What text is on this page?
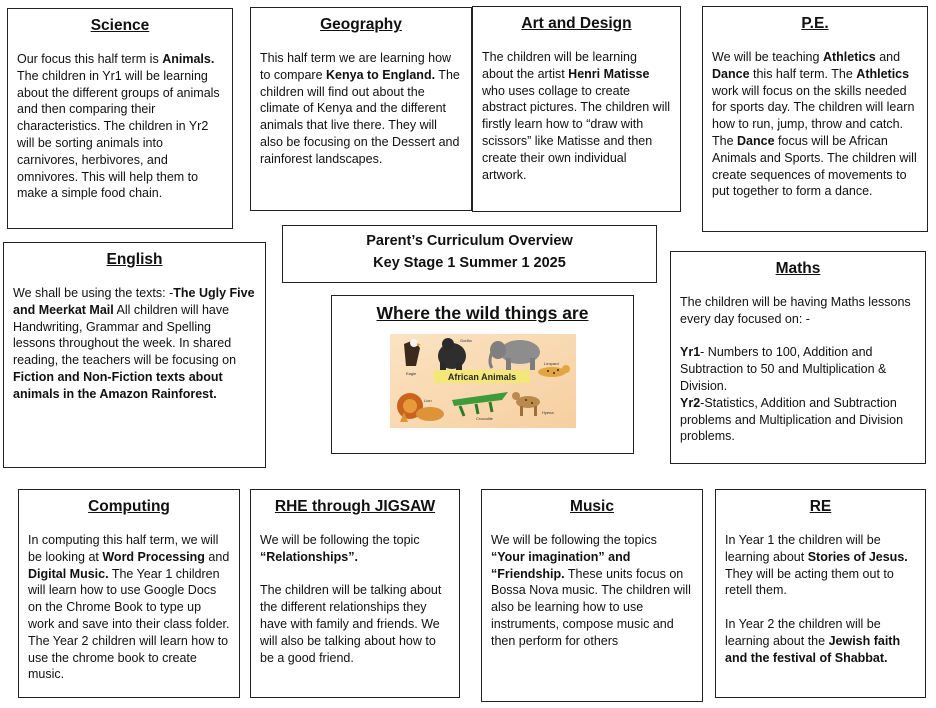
Science

Our focus this half term is Animals. The children in Yr1 will be learning about the different groups of animals and then comparing their characteristics. The children in Yr2 will be sorting animals into carnivores, herbivores, and omnivores. This will help them to make a simple food chain.

Geography

This half term we are learning how to compare Kenya to England. The children will find out about the climate of Kenya and the different animals that live there. They will also be focusing on the Dessert and rainforest landscapes.

Art and Design

The children will be learning about the artist Henri Matisse who uses collage to create abstract pictures. The children will firstly learn how to “draw with scissors” like Matisse and then create their own individual artwork.

P.E.

We will be teaching Athletics and Dance this half term. The Athletics work will focus on the skills needed for sports day. The children will learn how to run, jump, throw and catch. The Dance focus will be African Animals and Sports. The children will create sequences of movements to put together to form a dance.

Parent’s Curriculum Overview
Key Stage 1 Summer 1 2025
Where the wild things are
Eagle
Gorilla
African Animals
Leopard
Lion
Crocodile
Hyena
English

We shall be using the texts: -The Ugly Five and Meerkat Mail All children will have Handwriting, Grammar and Spelling lessons throughout the week. In shared reading, the teachers will be focusing on Fiction and Non-Fiction texts about animals in the Amazon Rainforest.

Maths

The children will be having Maths lessons every day focused on: -

Yr1- Numbers to 100, Addition and Subtraction to 50 and Multiplication & Division.

Yr2-Statistics, Addition and Subtraction problems and Multiplication and Division problems.

Computing

In computing this half term, we will be looking at Word Processing and Digital Music. The Year 1 children will learn how to use Google Docs on the Chrome Book to type up work and save into their class folder. The Year 2 children will learn how to use the chrome book to create music.

RHE through JIGSAW

We will be following the topic “Relationships”.

The children will be talking about the different relationships they have with family and friends. We will also be talking about how to be a good friend.

Music

We will be following the topics “Your imagination” and “Friendship. These units focus on Bossa Nova music. The children will also be learning how to use instruments, compose music and then perform for others

RE

In Year 1 the children will be learning about Stories of Jesus. They will be acting them out to retell them.

In Year 2 the children will be learning about the Jewish faith and the festival of Shabbat.
